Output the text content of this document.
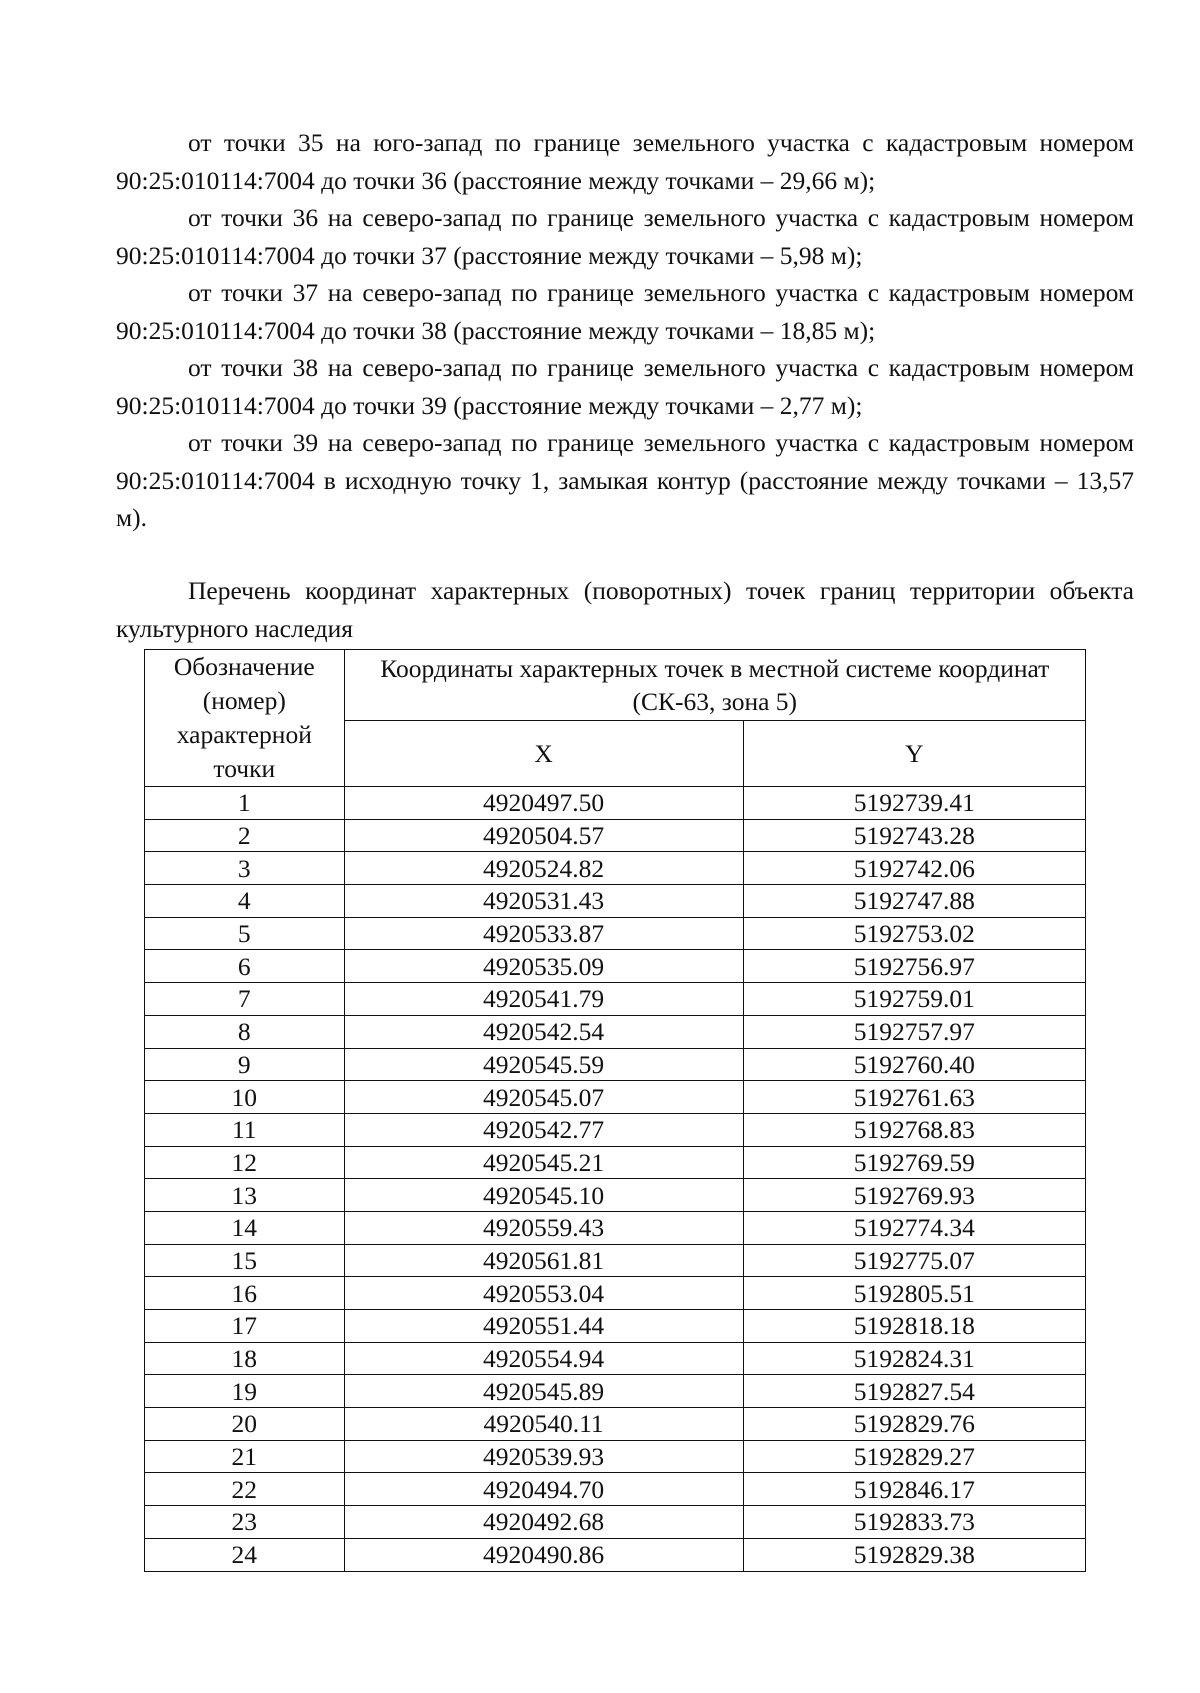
от точки 35 на юго-запад по границе земельного участка с кадастровым номером 90:25:010114:7004 до точки 36 (расстояние между точками – 29,66 м);

от точки 36 на северо-запад по границе земельного участка с кадастровым номером 90:25:010114:7004 до точки 37 (расстояние между точками – 5,98 м);

от точки 37 на северо-запад по границе земельного участка с кадастровым номером 90:25:010114:7004 до точки 38 (расстояние между точками – 18,85 м);

от точки 38 на северо-запад по границе земельного участка с кадастровым номером 90:25:010114:7004 до точки 39 (расстояние между точками – 2,77 м);

от точки 39 на северо-запад по границе земельного участка с кадастровым номером 90:25:010114:7004 в исходную точку 1, замыкая контур (расстояние между точками – 13,57 м).

Перечень координат характерных (поворотных) точек границ территории объекта культурного наследия

Обозначение (номер) характерной точки	Координаты характерных точек в местной системе координат (СК-63, зона 5)	
	X	Y
1	4920497.50	5192739.41
2	4920504.57	5192743.28
3	4920524.82	5192742.06
4	4920531.43	5192747.88
5	4920533.87	5192753.02
6	4920535.09	5192756.97
7	4920541.79	5192759.01
8	4920542.54	5192757.97
9	4920545.59	5192760.40
10	4920545.07	5192761.63
11	4920542.77	5192768.83
12	4920545.21	5192769.59
13	4920545.10	5192769.93
14	4920559.43	5192774.34
15	4920561.81	5192775.07
16	4920553.04	5192805.51
17	4920551.44	5192818.18
18	4920554.94	5192824.31
19	4920545.89	5192827.54
20	4920540.11	5192829.76
21	4920539.93	5192829.27
22	4920494.70	5192846.17
23	4920492.68	5192833.73
24	4920490.86	5192829.38
